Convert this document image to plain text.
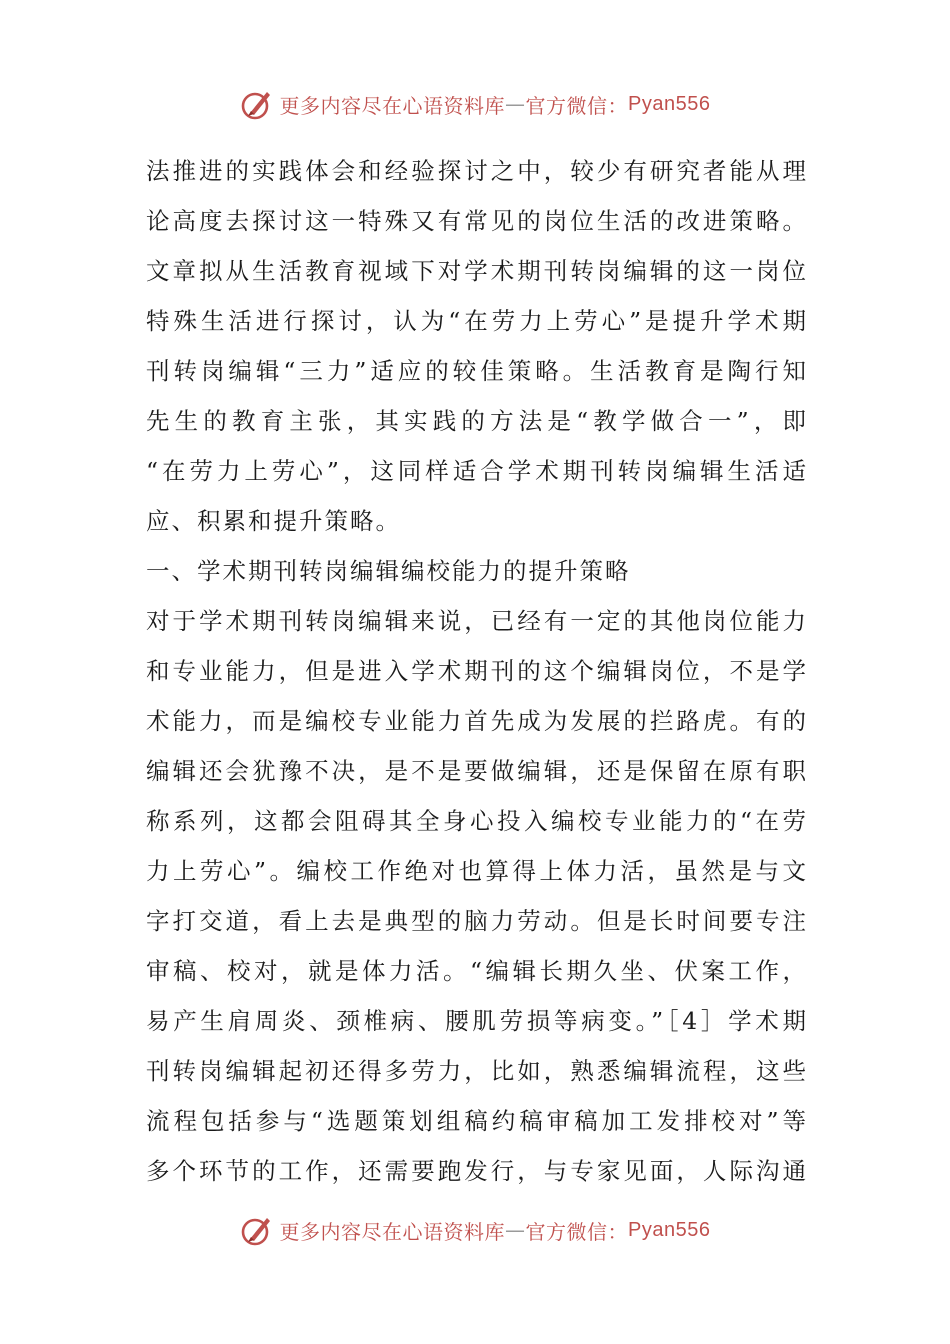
更多内容尽在心语资料库 — 官方微信： Pyan556
法推进的实践体会和经验探讨之中，较少有研究者能从理
论高度去探讨这一特殊又有常见的岗位生活的改进策略。
文章拟从生活教育视域下对学术期刊转岗编辑的这一岗位
特殊生活进行探讨，认为“在劳力上劳心”是提升学术期
刊转岗编辑“三力”适应的较佳策略。生活教育是陶行知
先生的教育主张，其实践的方法是“教学做合一”，即
“在劳力上劳心”，这同样适合学术期刊转岗编辑生活适
应、积累和提升策略。
一、学术期刊转岗编辑编校能力的提升策略
对于学术期刊转岗编辑来说，已经有一定的其他岗位能力
和专业能力，但是进入学术期刊的这个编辑岗位，不是学
术能力，而是编校专业能力首先成为发展的拦路虎。有的
编辑还会犹豫不决，是不是要做编辑，还是保留在原有职
称系列，这都会阻碍其全身心投入编校专业能力的“在劳
力上劳心”。编校工作绝对也算得上体力活，虽然是与文
字打交道，看上去是典型的脑力劳动。但是长时间要专注
审稿、校对，就是体力活。“编辑长期久坐、伏案工作，
易产生肩周炎、颈椎病、腰肌劳损等病变。”［4］学术期
刊转岗编辑起初还得多劳力，比如，熟悉编辑流程，这些
流程包括参与“选题策划组稿约稿审稿加工发排校对”等
多个环节的工作，还需要跑发行，与专家见面，人际沟通
更多内容尽在心语资料库 — 官方微信： Pyan556
